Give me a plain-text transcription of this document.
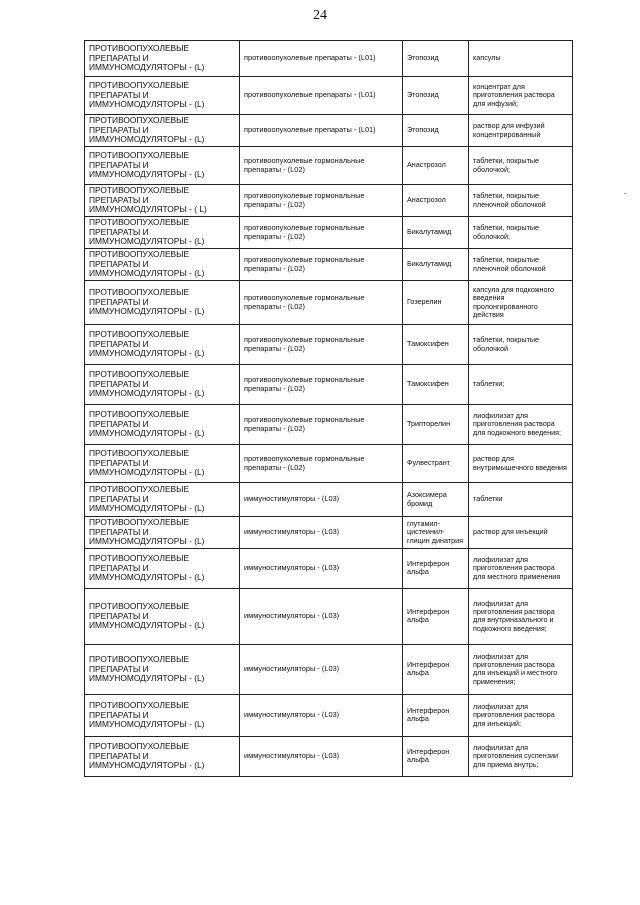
24
-
ПРОТИВООПУХОЛЕВЫЕ ПРЕПАРАТЫ И ИММУНОМОДУЛЯТОРЫ - (L)	противоопухолевые препараты - (L01)	Этопозид	капсулы
ПРОТИВООПУХОЛЕВЫЕ ПРЕПАРАТЫ И ИММУНОМОДУЛЯТОРЫ - (L)	противоопухолевые препараты - (L01)	Этопозид	концентрат для приготовления раствора для инфузий;
ПРОТИВООПУХОЛЕВЫЕ ПРЕПАРАТЫ И ИММУНОМОДУЛЯТОРЫ - (L)	противоопухолевые препараты - (L01)	Этопозид	раствор для инфузий концентрированный
ПРОТИВООПУХОЛЕВЫЕ ПРЕПАРАТЫ И ИММУНОМОДУЛЯТОРЫ - (L)	противоопухолевые гормональные препараты - (L02)	Анастрозол	таблетки, покрытые оболочкой;
ПРОТИВООПУХОЛЕВЫЕ ПРЕПАРАТЫ И ИММУНОМОДУЛЯТОРЫ - ( L)	противоопухолевые гормональные препараты - (L02)	Анастрозол	таблетки, покрытые пленочной оболочкой
ПРОТИВООПУХОЛЕВЫЕ ПРЕПАРАТЫ И ИММУНОМОДУЛЯТОРЫ - (L)	противоопухолевые гормональные препараты - (L02)	Бикалутамид	таблетки, покрытые оболочкой;
ПРОТИВООПУХОЛЕВЫЕ ПРЕПАРАТЫ И ИММУНОМОДУЛЯТОРЫ - (L)	противоопухолевые гормональные препараты - (L02)	Бикалутамид	таблетки, покрытые пленочной оболочкой
ПРОТИВООПУХОЛЕВЫЕ ПРЕПАРАТЫ И ИММУНОМОДУЛЯТОРЫ - (L)	противоопухолевые гормональные препараты - (L02)	Гозерелин	капсула для подкожного введения пролонгированного действия
ПРОТИВООПУХОЛЕВЫЕ ПРЕПАРАТЫ И ИММУНОМОДУЛЯТОРЫ - (L)	противоопухолевые гормональные препараты - (L02)	Тамоксифен	таблетки, покрытые оболочкой
ПРОТИВООПУХОЛЕВЫЕ ПРЕПАРАТЫ И ИММУНОМОДУЛЯТОРЫ - (L)	противоопухолевые гормональные препараты - (L02)	Тамоксифен	таблетки;
ПРОТИВООПУХОЛЕВЫЕ ПРЕПАРАТЫ И ИММУНОМОДУЛЯТОРЫ - (L)	противоопухолевые гормональные препараты - (L02)	Трипторелин	лиофилизат для приготовления раствора для подкожного введения;
ПРОТИВООПУХОЛЕВЫЕ ПРЕПАРАТЫ И ИММУНОМОДУЛЯТОРЫ - (L)	противоопухолевые гормональные препараты - (L02)	Фулвестрант	раствор для внутримышечного введения
ПРОТИВООПУХОЛЕВЫЕ ПРЕПАРАТЫ И ИММУНОМОДУЛЯТОРЫ - (L)	иммуностимуляторы - (L03)	Азоксимера бромид	таблетки
ПРОТИВООПУХОЛЕВЫЕ ПРЕПАРАТЫ И ИММУНОМОДУЛЯТОРЫ - (L)	иммуностимуляторы - (L03)	глутамил-цистеинил-глицин динатрия	раствор для инъекций
ПРОТИВООПУХОЛЕВЫЕ ПРЕПАРАТЫ И ИММУНОМОДУЛЯТОРЫ - (L)	иммуностимуляторы - (L03)	Интерферон альфа	лиофилизат для приготовления раствора для местного применения
ПРОТИВООПУХОЛЕВЫЕ ПРЕПАРАТЫ И ИММУНОМОДУЛЯТОРЫ - (L)	иммуностимуляторы - (L03)	Интерферон альфа	лиофилизат для приготовления раствора для внутриназального и подкожного введения;
ПРОТИВООПУХОЛЕВЫЕ ПРЕПАРАТЫ И ИММУНОМОДУЛЯТОРЫ - (L)	иммуностимуляторы - (L03)	Интерферон альфа	лиофилизат для приготовления раствора для инъекций и местного применения;
ПРОТИВООПУХОЛЕВЫЕ ПРЕПАРАТЫ И ИММУНОМОДУЛЯТОРЫ - (L)	иммуностимуляторы - (L03)	Интерферон альфа	лиофилизат для приготовления раствора для инъекций;
ПРОТИВООПУХОЛЕВЫЕ ПРЕПАРАТЫ И ИММУНОМОДУЛЯТОРЫ - (L)	иммуностимуляторы - (L03)	Интерферон альфа	лиофилизат для приготовления суспензии для приема внутрь;
